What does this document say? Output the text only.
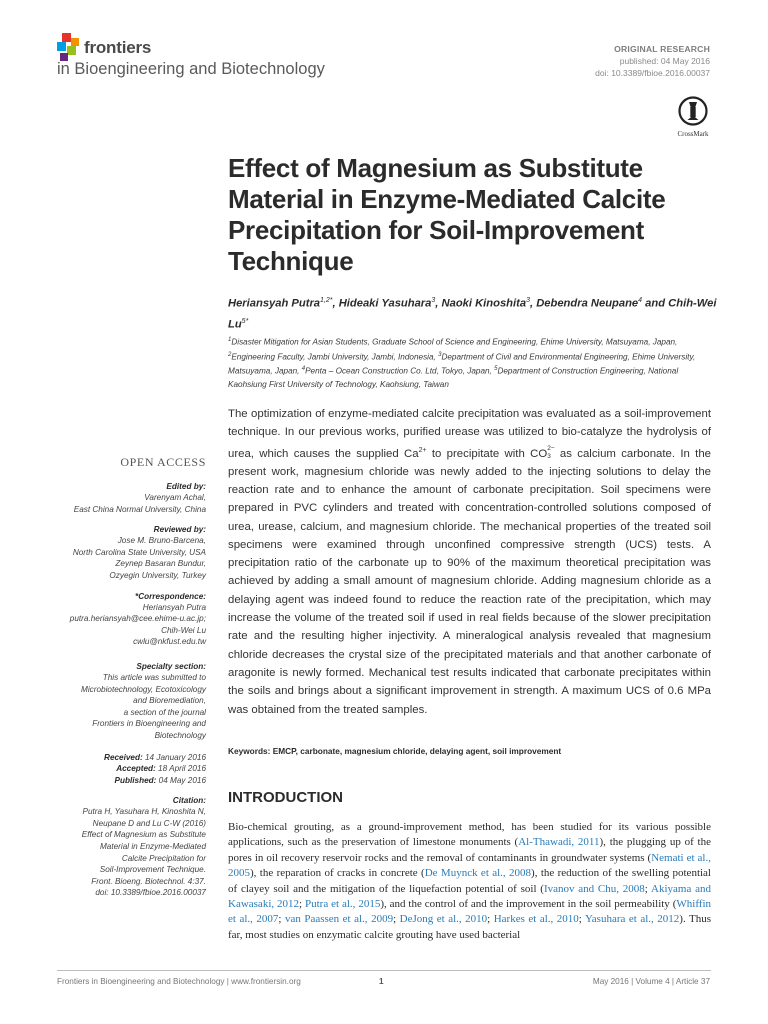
frontiers
in Bioengineering and Biotechnology
ORIGINAL RESEARCH
published: 04 May 2016
doi: 10.3389/fbioe.2016.00037
CrossMark
Effect of Magnesium as Substitute Material in Enzyme-Mediated Calcite Precipitation for Soil-Improvement Technique
Heriansyah Putra$^{1,2*}$, Hideaki Yasuhara$^3$, Naoki Kinoshita$^3$, Debendra Neupane$^4$ and Chih-Wei $Lu^{5*}$
$^1$Disaster Mitigation for Asian Students, Graduate School of Science and Engineering, Ehime University, Matsuyama, Japan, $^2$Engineering Faculty, Jambi University, Jambi, Indonesia, $^3$Department of Civil and Environmental Engineering, Ehime University, Matsuyama, Japan, $^4$Penta – Ocean Construction Co. Ltd, Tokyo, Japan, $^5$Department of Construction Engineering, National Kaohsiung First University of Technology, Kaohsiung, Taiwan
OPEN ACCESS
Edited by:
Varenyam Achal,
East China Normal University, China
Reviewed by:
Jose M. Bruno-Barcena,
North Carolina State University, USA
Zeynep Basaran Bundur,
Ozyegin University, Turkey
*Correspondence:
Heriansyah Putra
putra.heriansyah@cee.ehime-u.ac.jp;
Chih-Wei Lu
cwlu@nkfust.edu.tw
Specialty section:
This article was submitted to
Microbiotechnology, Ecotoxicology
and Bioremediation,
a section of the journal
Frontiers in Bioengineering and
Biotechnology
Received: 14 January 2016
Accepted: 18 April 2016
Published: 04 May 2016
Citation:
Putra H, Yasuhara H, Kinoshita N,
Neupane D and Lu C-W (2016)
Effect of Magnesium as Substitute
Material in Enzyme-Mediated
Calcite Precipitation for
Soil-Improvement Technique.
Front. Bioeng. Biotechnol. 4:37.
doi: 10.3389/fbioe.2016.00037
The optimization of enzyme-mediated calcite precipitation was evaluated as a soil-improvement technique. In our previous works, purified urease was utilized to bio-catalyze the hydrolysis of urea, which causes the supplied $Ca^{2+}$ to precipitate with CO 2−
3 as calcium carbonate. In the present work, magnesium chloride was newly added to the injecting solutions to delay the reaction rate and to enhance the amount of carbonate precipitation. Soil specimens were prepared in PVC cylinders and treated with concentration-controlled solutions composed of urea, urease, calcium, and magnesium chloride. The mechanical properties of the treated soil specimens were examined through unconfined compressive strength (UCS) tests. A precipitation ratio of the carbonate up to 90% of the maximum theoretical precipitation was achieved by adding a small amount of magnesium chloride. Adding magnesium chloride as a delaying agent was indeed found to reduce the reaction rate of the precipitation, which may increase the volume of the treated soil if used in real fields because of the slower precipitation rate and the resulting higher injectivity. A mineralogical analysis revealed that magnesium chloride decreases the crystal size of the precipitated materials and that another carbonate of aragonite is newly formed. Mechanical test results indicated that carbonate precipitates within the soils and brings about a significant improvement in strength. A maximum UCS of 0.6 MPa was obtained from the treated samples.
Keywords: EMCP, carbonate, magnesium chloride, delaying agent, soil improvement
INTRODUCTION
Bio-chemical grouting, as a ground-improvement method, has been studied for its various possible applications, such as the preservation of limestone monuments (Al-Thawadi, 2011), the plugging up of the pores in oil recovery reservoir rocks and the removal of contaminants in groundwater systems (Nemati et al., 2005), the reparation of cracks in concrete (De Muynck et al., 2008), the reduction of the swelling potential of clayey soil and the mitigation of the liquefaction potential of soil (Ivanov and Chu, 2008; Akiyama and Kawasaki, 2012; Putra et al., 2015), and the control of and the improvement in the soil permeability (Whiffin et al., 2007; van Paassen et al., 2009; DeJong et al., 2010; Harkes et al., 2010; Yasuhara et al., 2012). Thus far, most studies on enzymatic calcite grouting have used bacterial
Frontiers in Bioengineering and Biotechnology | www.frontiersin.org	1	May 2016 | Volume 4 | Article 37
